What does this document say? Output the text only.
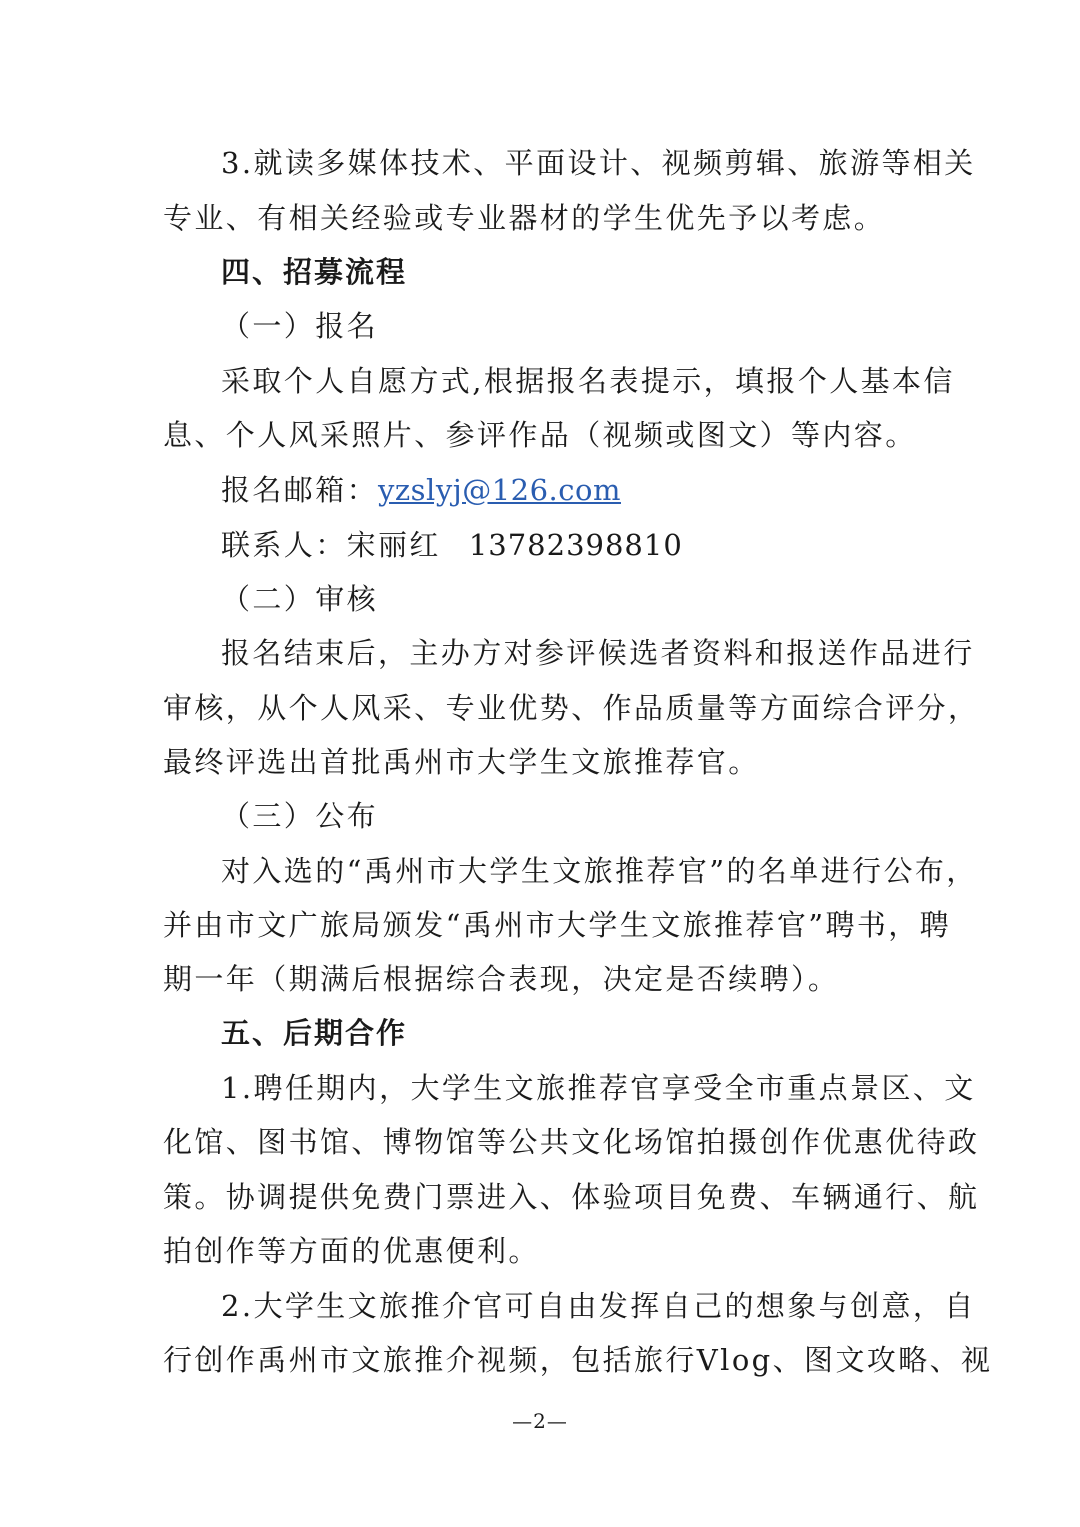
3.就读多媒体技术、平面设计、视频剪辑、旅游等相关
专业、有相关经验或专业器材的学生优先予以考虑。
四、招募流程
（一）报名
采取个人自愿方式,根据报名表提示，填报个人基本信
息、个人风采照片、参评作品（视频或图文）等内容。
报名邮箱：yzslyj@126.com
联系人：宋丽红 13782398810
（二）审核
报名结束后，主办方对参评候选者资料和报送作品进行
审核，从个人风采、专业优势、作品质量等方面综合评分，
最终评选出首批禹州市大学生文旅推荐官。
（三）公布
对入选的“禹州市大学生文旅推荐官”的名单进行公布，
并由市文广旅局颁发“禹州市大学生文旅推荐官”聘书，聘
期一年（期满后根据综合表现，决定是否续聘）。
五、后期合作
1.聘任期内，大学生文旅推荐官享受全市重点景区、文
化馆、图书馆、博物馆等公共文化场馆拍摄创作优惠优待政
策。协调提供免费门票进入、体验项目免费、车辆通行、航
拍创作等方面的优惠便利。
2.大学生文旅推介官可自由发挥自己的想象与创意，自
行创作禹州市文旅推介视频，包括旅行Vlog、图文攻略、视
—2—
